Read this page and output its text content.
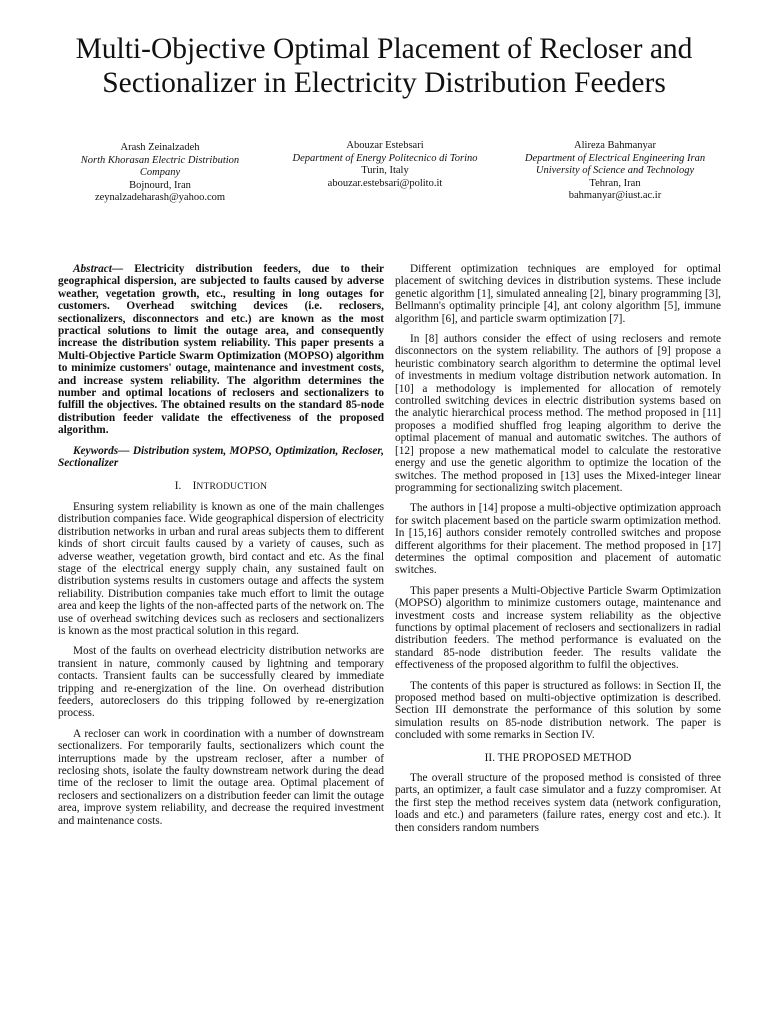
Multi-Objective Optimal Placement of Recloser and Sectionalizer in Electricity Distribution Feeders
Arash Zeinalzadeh
North Khorasan Electric Distribution Company
Bojnourd, Iran
zeynalzadeharash@yahoo.com
Abouzar Estebsari
Department of Energy Politecnico di Torino
Turin, Italy
abouzar.estebsari@polito.it
Alireza Bahmanyar
Department of Electrical Engineering Iran University of Science and Technology
Tehran, Iran
bahmanyar@iust.ac.ir

Abstract— Electricity distribution feeders, due to their geographical dispersion, are subjected to faults caused by adverse weather, vegetation growth, etc., resulting in long outages for customers. Overhead switching devices (i.e. reclosers, sectionalizers, disconnectors and etc.) are known as the most practical solutions to limit the outage area, and consequently increase the distribution system reliability. This paper presents a Multi-Objective Particle Swarm Optimization (MOPSO) algorithm to minimize customers' outage, maintenance and investment costs, and increase system reliability. The algorithm determines the number and optimal locations of reclosers and sectionalizers to fulfill the objectives. The obtained results on the standard 85-node distribution feeder validate the effectiveness of the proposed algorithm.

Keywords— Distribution system, MOPSO, Optimization, Recloser, Sectionalizer

I. INTRODUCTION

Ensuring system reliability is known as one of the main challenges distribution companies face. Wide geographical dispersion of electricity distribution networks in urban and rural areas subjects them to different kinds of short circuit faults caused by a variety of causes, such as adverse weather, vegetation growth, bird contact and etc. As the final stage of the electrical energy supply chain, any sustained fault on distribution systems results in customers outage and affects the system reliability. Distribution companies take much effort to limit the outage area and keep the lights of the non-affected parts of the network on. The use of overhead switching devices such as reclosers and sectionalizers is known as the most practical solution in this regard.

Most of the faults on overhead electricity distribution networks are transient in nature, commonly caused by lightning and temporary contacts. Transient faults can be successfully cleared by immediate tripping and re-energization of the line. On overhead distribution feeders, autoreclosers do this tripping followed by re-energization process.

A recloser can work in coordination with a number of downstream sectionalizers. For temporarily faults, sectionalizers which count the interruptions made by the upstream recloser, after a number of reclosing shots, isolate the faulty downstream network during the dead time of the recloser to limit the outage area. Optimal placement of reclosers and sectionalizers on a distribution feeder can limit the outage area, improve system reliability, and decrease the required investment and maintenance costs.

Different optimization techniques are employed for optimal placement of switching devices in distribution systems. These include genetic algorithm [1], simulated annealing [2], binary programming [3], Bellmann's optimality principle [4], ant colony algorithm [5], immune algorithm [6], and particle swarm optimization [7].

In [8] authors consider the effect of using reclosers and remote disconnectors on the system reliability. The authors of [9] propose a heuristic combinatory search algorithm to determine the optimal level of investments in medium voltage distribution network automation. In [10] a methodology is implemented for allocation of remotely controlled switching devices in electric distribution systems based on the analytic hierarchical process method. The method proposed in [11] proposes a modified shuffled frog leaping algorithm to derive the optimal placement of manual and automatic switches. The authors of [12] propose a new mathematical model to calculate the restorative energy and use the genetic algorithm to optimize the location of the switches. The method proposed in [13] uses the Mixed-integer linear programming for sectionalizing switch placement.

The authors in [14] propose a multi-objective optimization approach for switch placement based on the particle swarm optimization method. In [15,16] authors consider remotely controlled switches and propose different algorithms for their placement. The method proposed in [17] determines the optimal composition and placement of automatic switches.

This paper presents a Multi-Objective Particle Swarm Optimization (MOPSO) algorithm to minimize customers outage, maintenance and investment costs and increase system reliability as the objective functions by optimal placement of reclosers and sectionalizers in radial distribution feeders. The method performance is evaluated on the standard 85-node distribution feeder. The results validate the effectiveness of the proposed algorithm to fulfil the objectives.

The contents of this paper is structured as follows: in Section II, the proposed method based on multi-objective optimization is described. Section III demonstrate the performance of this solution by some simulation results on 85-node distribution network. The paper is concluded with some remarks in Section IV.

II. THE PROPOSED METHOD

The overall structure of the proposed method is consisted of three parts, an optimizer, a fault case simulator and a fuzzy compromiser. At the first step the method receives system data (network configuration, loads and etc.) and parameters (failure rates, energy cost and etc.). It then considers random numbers
